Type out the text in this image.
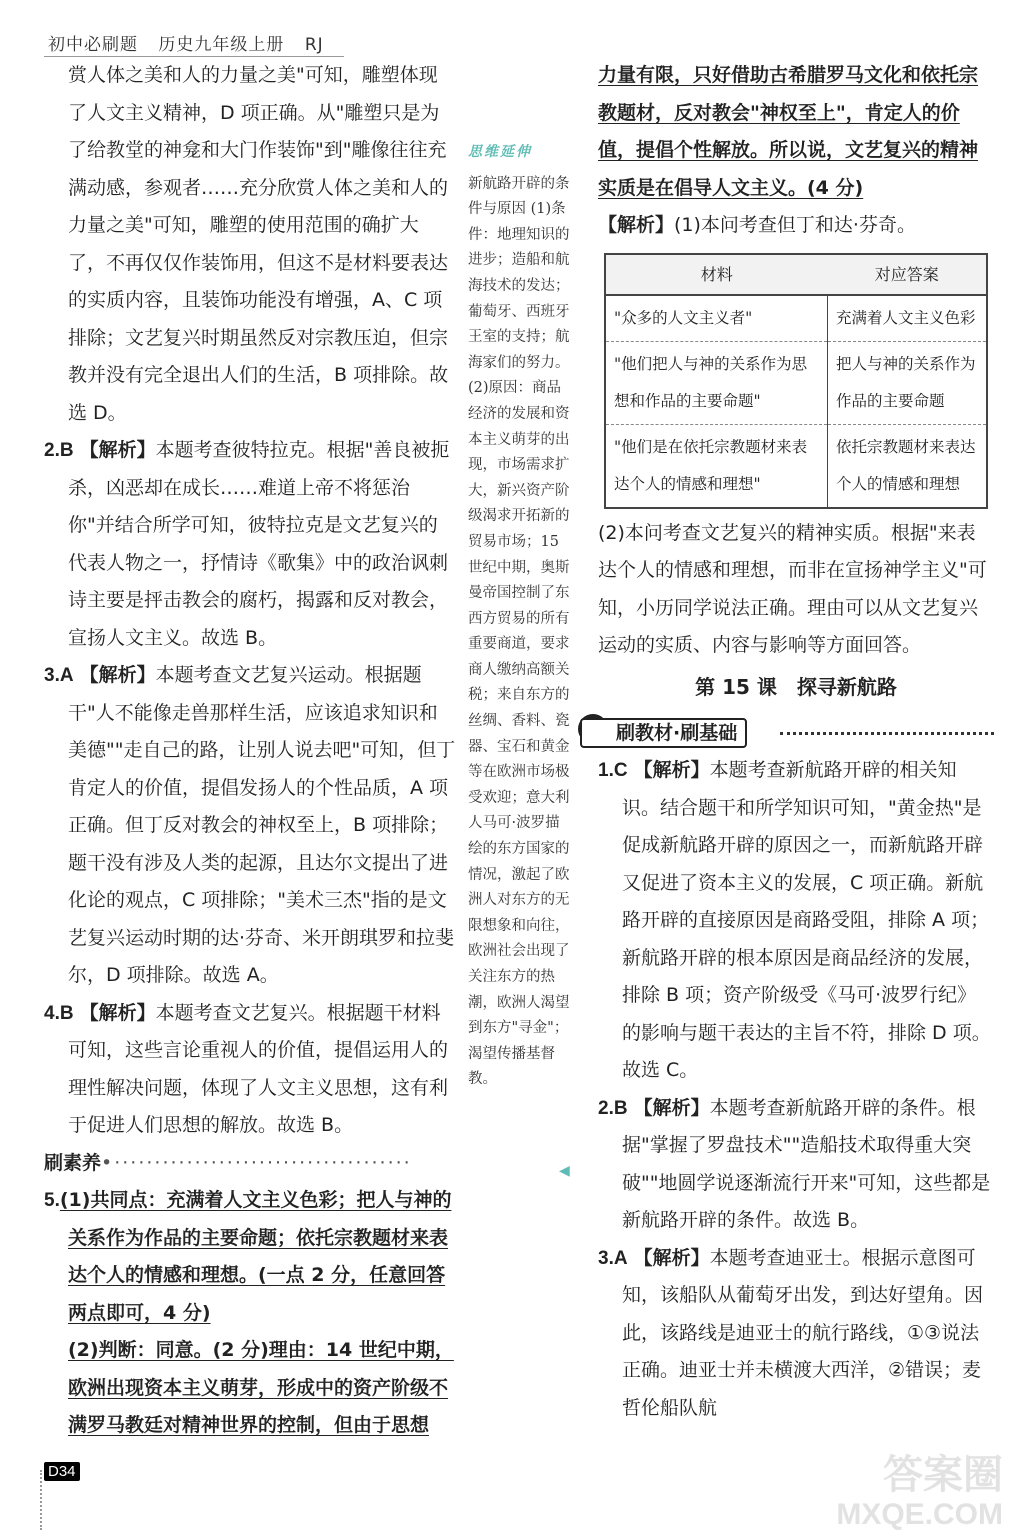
初中必刷题 历史九年级上册 RJ

赏人体之美和人的力量之美"可知，雕塑体现了人文主义精神，D 项正确。从"雕塑只是为了给教堂的神龛和大门作装饰"到"雕像往往充满动感，参观者……充分欣赏人体之美和人的力量之美"可知，雕塑的使用范围的确扩大了，不再仅仅作装饰用，但这不是材料要表达的实质内容，且装饰功能没有增强，A、C 项排除；文艺复兴时期虽然反对宗教压迫，但宗教并没有完全退出人们的生活，B 项排除。故选 D。

2.B 【解析】本题考查彼特拉克。根据"善良被扼杀，凶恶却在成长……难道上帝不将惩治你"并结合所学可知，彼特拉克是文艺复兴的代表人物之一，抒情诗《歌集》中的政治讽刺诗主要是抨击教会的腐朽，揭露和反对教会，宣扬人文主义。故选 B。

3.A 【解析】本题考查文艺复兴运动。根据题干"人不能像走兽那样生活，应该追求知识和美德""走自己的路，让别人说去吧"可知，但丁肯定人的价值，提倡发扬人的个性品质，A 项正确。但丁反对教会的神权至上，B 项排除；题干没有涉及人类的起源，且达尔文提出了进化论的观点，C 项排除；"美术三杰"指的是文艺复兴运动时期的达·芬奇、米开朗琪罗和拉斐尔，D 项排除。故选 A。

4.B 【解析】本题考查文艺复兴。根据题干材料可知，这些言论重视人的价值，提倡运用人的理性解决问题，体现了人文主义思想，这有利于促进人们思想的解放。故选 B。

刷素养•·····································

5.(1)共同点：充满着人文主义色彩；把人与神的关系作为作品的主要命题；依托宗教题材来表达个人的情感和理想。(一点 2 分，任意回答两点即可，4 分)

(2)判断：同意。(2 分)理由：14 世纪中期，欧洲出现资本主义萌芽，形成中的资产阶级不满罗马教廷对精神世界的控制，但由于思想

思维延伸
新航路开辟的条件与原因 (1)条件：地理知识的进步；造船和航海技术的发达；葡萄牙、西班牙王室的支持；航海家们的努力。(2)原因：商品经济的发展和资本主义萌芽的出现，市场需求扩大，新兴资产阶级渴求开拓新的贸易市场；15 世纪中期，奥斯曼帝国控制了东西方贸易的所有重要商道，要求商人缴纳高额关税；来自东方的丝绸、香料、瓷器、宝石和黄金等在欧洲市场极受欢迎；意大利人马可·波罗描绘的东方国家的情况，激起了欧洲人对东方的无限想象和向往，欧洲社会出现了关注东方的热潮，欧洲人渴望到东方"寻金"；渴望传播基督教。
◀

力量有限，只好借助古希腊罗马文化和依托宗教题材，反对教会"神权至上"，肯定人的价值，提倡个性解放。所以说，文艺复兴的精神实质是在倡导人文主义。(4 分)

【解析】(1)本问考查但丁和达·芬奇。

材料	对应答案
"众多的人文主义者"	充满着人文主义色彩
"他们把人与神的关系作为思想和作品的主要命题"	把人与神的关系作为作品的主要命题
"他们是在依托宗教题材来表达个人的情感和理想"	依托宗教题材来表达个人的情感和理想

(2)本问考查文艺复兴的精神实质。根据"来表达个人的情感和理想，而非在宣扬神学主义"可知，小历同学说法正确。理由可以从文艺复兴运动的实质、内容与影响等方面回答。

第 15 课　探寻新航路
刷教材·刷基础

1.C 【解析】本题考查新航路开辟的相关知识。结合题干和所学知识可知，"黄金热"是促成新航路开辟的原因之一，而新航路开辟又促进了资本主义的发展，C 项正确。新航路开辟的直接原因是商路受阻，排除 A 项；新航路开辟的根本原因是商品经济的发展，排除 B 项；资产阶级受《马可·波罗行纪》的影响与题干表达的主旨不符，排除 D 项。故选 C。

2.B 【解析】本题考查新航路开辟的条件。根据"掌握了罗盘技术""造船技术取得重大突破""地圆学说逐渐流行开来"可知，这些都是新航路开辟的条件。故选 B。

3.A 【解析】本题考查迪亚士。根据示意图可知，该船队从葡萄牙出发，到达好望角。因此，该路线是迪亚士的航行路线，①③说法正确。迪亚士并未横渡大西洋，②错误；麦哲伦船队航

D34	答案圈
MXQE.COM
